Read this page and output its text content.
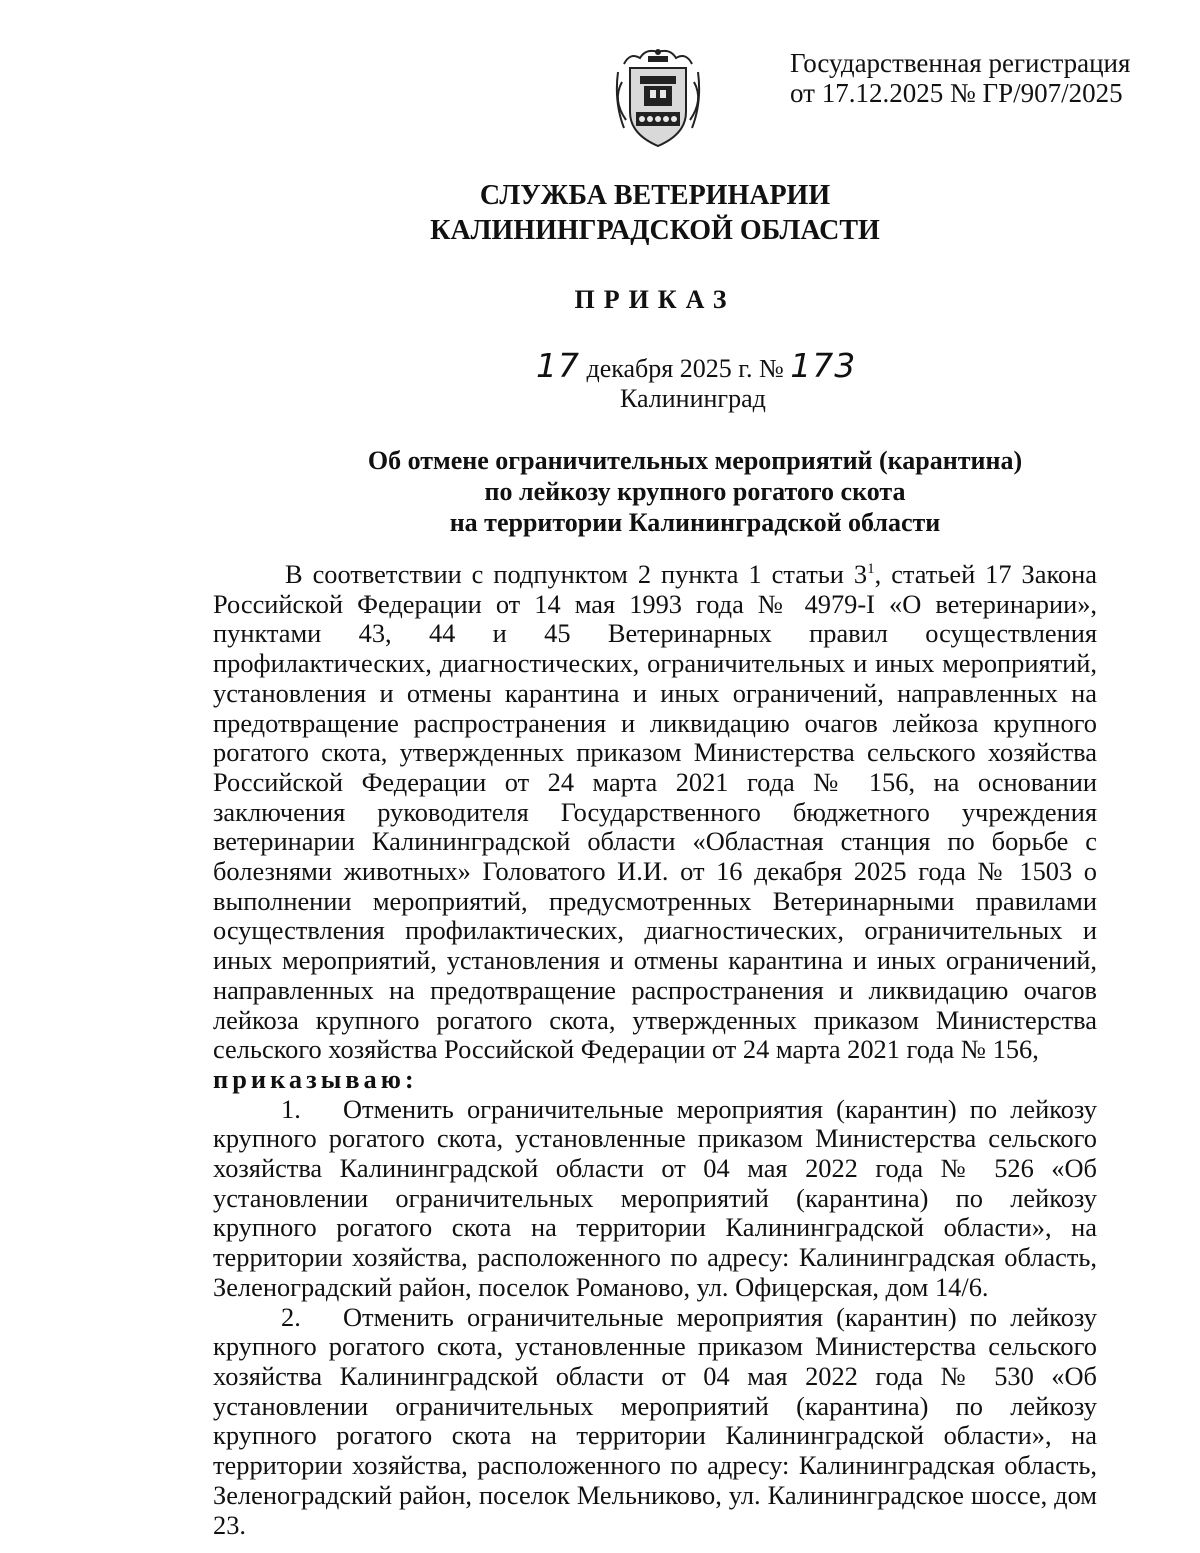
Государственная регистрация
от 17.12.2025 № ГР/907/2025
СЛУЖБА ВЕТЕРИНАРИИ
КАЛИНИНГРАДСКОЙ ОБЛАСТИ
ПРИКАЗ
17 декабря 2025 г. № 173
Калининград
Об отмене ограничительных мероприятий (карантина)
по лейкозу крупного рогатого скота
на территории Калининградской области

В соответствии с подпунктом 2 пункта 1 статьи $3^1$, статьей 17 Закона Российской Федерации от 14 мая 1993 года № 4979-I «О ветеринарии», пунктами 43, 44 и 45 Ветеринарных правил осуществления профилактических, диагностических, ограничительных и иных мероприятий, установления и отмены карантина и иных ограничений, направленных на предотвращение распространения и ликвидацию очагов лейкоза крупного рогатого скота, утвержденных приказом Министерства сельского хозяйства Российской Федерации от 24 марта 2021 года № 156, на основании заключения руководителя Государственного бюджетного учреждения ветеринарии Калининградской области «Областная станция по борьбе с болезнями животных» Головатого И.И. от 16 декабря 2025 года № 1503 о выполнении мероприятий, предусмотренных Ветеринарными правилами осуществления профилактических, диагностических, ограничительных и иных мероприятий, установления и отмены карантина и иных ограничений, направленных на предотвращение распространения и ликвидацию очагов лейкоза крупного рогатого скота, утвержденных приказом Министерства сельского хозяйства Российской Федерации от 24 марта 2021 года № 156,

приказываю:

1. Отменить ограничительные мероприятия (карантин) по лейкозу крупного рогатого скота, установленные приказом Министерства сельского хозяйства Калининградской области от 04 мая 2022 года № 526 «Об установлении ограничительных мероприятий (карантина) по лейкозу крупного рогатого скота на территории Калининградской области», на территории хозяйства, расположенного по адресу: Калининградская область, Зеленоградский район, поселок Романово, ул. Офицерская, дом 14/6.

2. Отменить ограничительные мероприятия (карантин) по лейкозу крупного рогатого скота, установленные приказом Министерства сельского хозяйства Калининградской области от 04 мая 2022 года № 530 «Об установлении ограничительных мероприятий (карантина) по лейкозу крупного рогатого скота на территории Калининградской области», на территории хозяйства, расположенного по адресу: Калининградская область, Зеленоградский район, поселок Мельниково, ул. Калининградское шоссе, дом 23.
